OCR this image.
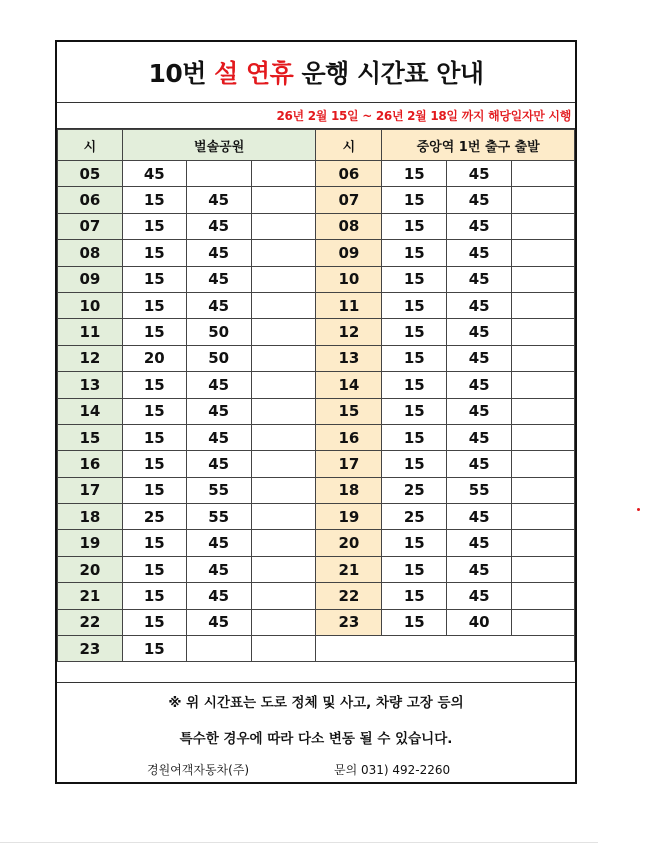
10번
설 연휴
운행 시간표 안내
26년 2월 15일 ~ 26년 2월 18일 까지 해당일자만 시행
시	벌솔공원			시	중앙역 1번 출구 출발		
05	45			06	15	45	
06	15	45		07	15	45	
07	15	45		08	15	45	
08	15	45		09	15	45	
09	15	45		10	15	45	
10	15	45		11	15	45	
11	15	50		12	15	45	
12	20	50		13	15	45	
13	15	45		14	15	45	
14	15	45		15	15	45	
15	15	45		16	15	45	
16	15	45		17	15	45	
17	15	55		18	25	55	
18	25	55		19	25	45	
19	15	45		20	15	45	
20	15	45		21	15	45	
21	15	45		22	15	45	
22	15	45		23	15	40	
23	15						
※ 위 시간표는 도로 정체 및 사고, 차량 고장 등의
특수한 경우에 따라 다소 변동 될 수 있습니다.
경원여객자동차(주)	문의 031) 492-2260
